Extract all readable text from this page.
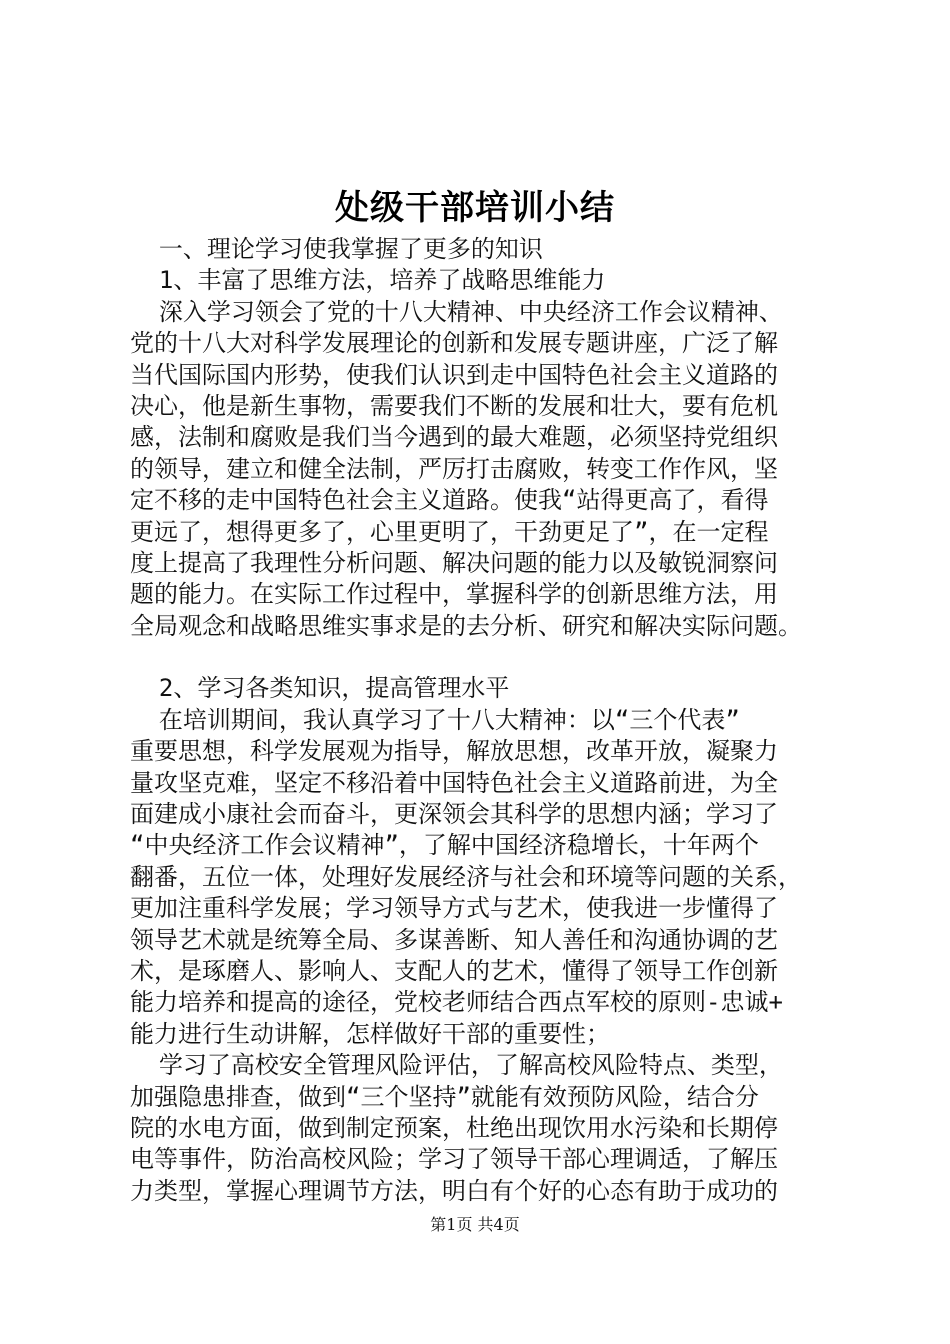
处级干部培训小结
一、理论学习使我掌握了更多的知识
1、丰富了思维方法，培养了战略思维能力
深入学习领会了党的十八大精神、中央经济工作会议精神、
党的十八大对科学发展理论的创新和发展专题讲座，广泛了解
当代国际国内形势，使我们认识到走中国特色社会主义道路的
决心，他是新生事物，需要我们不断的发展和壮大，要有危机
感，法制和腐败是我们当今遇到的最大难题，必须坚持党组织
的领导，建立和健全法制，严厉打击腐败，转变工作作风，坚
定不移的走中国特色社会主义道路。使我“站得更高了，看得
更远了，想得更多了，心里更明了，干劲更足了”，在一定程
度上提高了我理性分析问题、解决问题的能力以及敏锐洞察问
题的能力。在实际工作过程中，掌握科学的创新思维方法，用
全局观念和战略思维实事求是的去分析、研究和解决实际问题。
2、学习各类知识，提高管理水平
在培训期间，我认真学习了十八大精神：以“三个代表”
重要思想，科学发展观为指导，解放思想，改革开放，凝聚力
量攻坚克难，坚定不移沿着中国特色社会主义道路前进，为全
面建成小康社会而奋斗，更深领会其科学的思想内涵；学习了
“中央经济工作会议精神”，了解中国经济稳增长，十年两个
翻番，五位一体，处理好发展经济与社会和环境等问题的关系，
更加注重科学发展；学习领导方式与艺术，使我进一步懂得了
领导艺术就是统筹全局、多谋善断、知人善任和沟通协调的艺
术，是琢磨人、影响人、支配人的艺术，懂得了领导工作创新
能力培养和提高的途径，党校老师结合西点军校的原则-忠诚+
能力进行生动讲解，怎样做好干部的重要性；
学习了高校安全管理风险评估，了解高校风险特点、类型，
加强隐患排查，做到“三个坚持”就能有效预防风险，结合分
院的水电方面，做到制定预案，杜绝出现饮用水污染和长期停
电等事件，防治高校风险；学习了领导干部心理调适，了解压
力类型，掌握心理调节方法，明白有个好的心态有助于成功的
第1页 共4页
